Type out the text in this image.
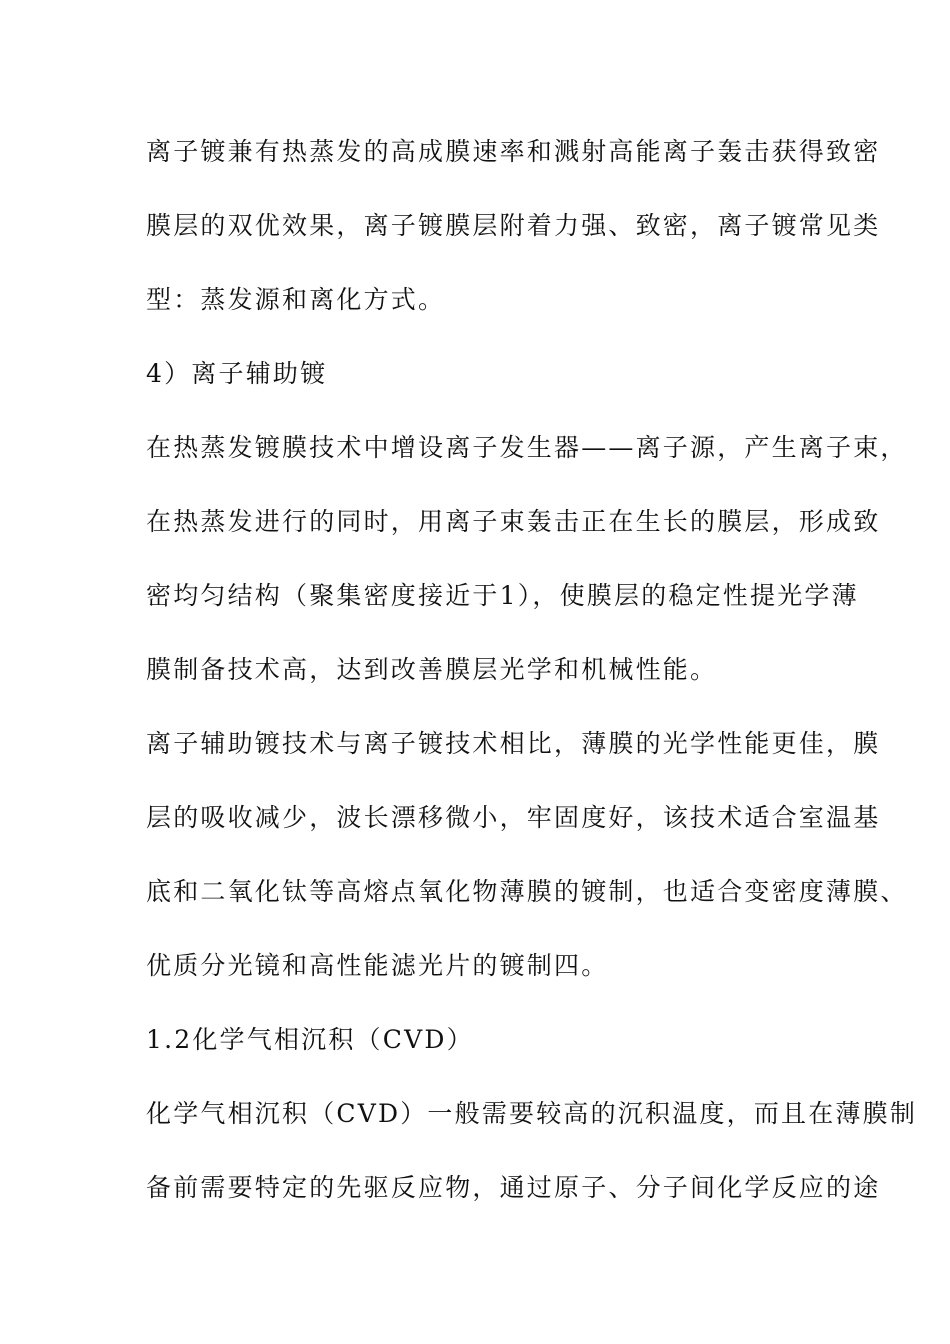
离子镀兼有热蒸发的高成膜速率和溅射高能离子轰击获得致密
膜层的双优效果，离子镀膜层附着力强、致密，离子镀常见类
型：蒸发源和离化方式。
4）离子辅助镀
在热蒸发镀膜技术中增设离子发生器——离子源，产生离子束，
在热蒸发进行的同时，用离子束轰击正在生长的膜层，形成致
密均匀结构（聚集密度接近于1），使膜层的稳定性提光学薄
膜制备技术高，达到改善膜层光学和机械性能。
离子辅助镀技术与离子镀技术相比，薄膜的光学性能更佳，膜
层的吸收减少，波长漂移微小，牢固度好，该技术适合室温基
底和二氧化钛等高熔点氧化物薄膜的镀制，也适合变密度薄膜、
优质分光镜和高性能滤光片的镀制四。
1.2化学气相沉积（CVD）
化学气相沉积（CVD）一般需要较高的沉积温度，而且在薄膜制
备前需要特定的先驱反应物，通过原子、分子间化学反应的途
